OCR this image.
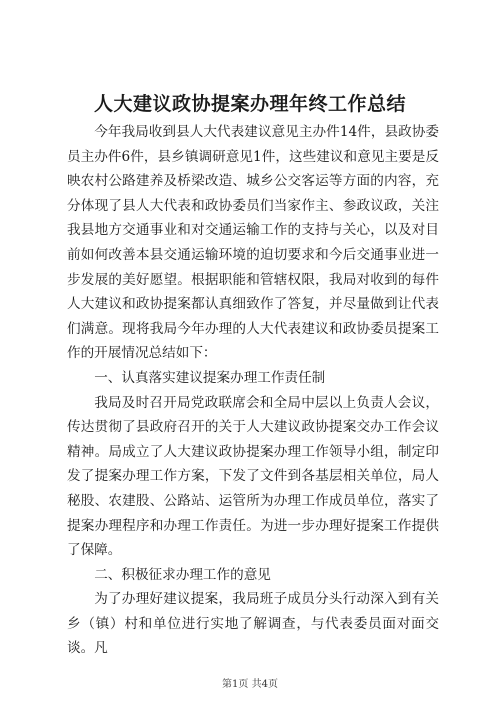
人大建议政协提案办理年终工作总结

今年我局收到县人大代表建议意见主办件14件，县政协委员主办件6件，县乡镇调研意见1件，这些建议和意见主要是反映农村公路建养及桥梁改造、城乡公交客运等方面的内容，充分体现了县人大代表和政协委员们当家作主、参政议政，关注我县地方交通事业和对交通运输工作的支持与关心，以及对目前如何改善本县交通运输环境的迫切要求和今后交通事业进一步发展的美好愿望。根据职能和管辖权限，我局对收到的每件人大建议和政协提案都认真细致作了答复，并尽量做到让代表们满意。现将我局今年办理的人大代表建议和政协委员提案工作的开展情况总结如下：

一、认真落实建议提案办理工作责任制

我局及时召开局党政联席会和全局中层以上负责人会议，传达贯彻了县政府召开的关于人大建议政协提案交办工作会议精神。局成立了人大建议政协提案办理工作领导小组，制定印发了提案办理工作方案，下发了文件到各基层相关单位，局人秘股、农建股、公路站、运管所为办理工作成员单位，落实了提案办理程序和办理工作责任。为进一步办理好提案工作提供了保障。

二、积极征求办理工作的意见

为了办理好建议提案，我局班子成员分头行动深入到有关乡（镇）村和单位进行实地了解调查，与代表委员面对面交谈。凡

第1页 共4页
